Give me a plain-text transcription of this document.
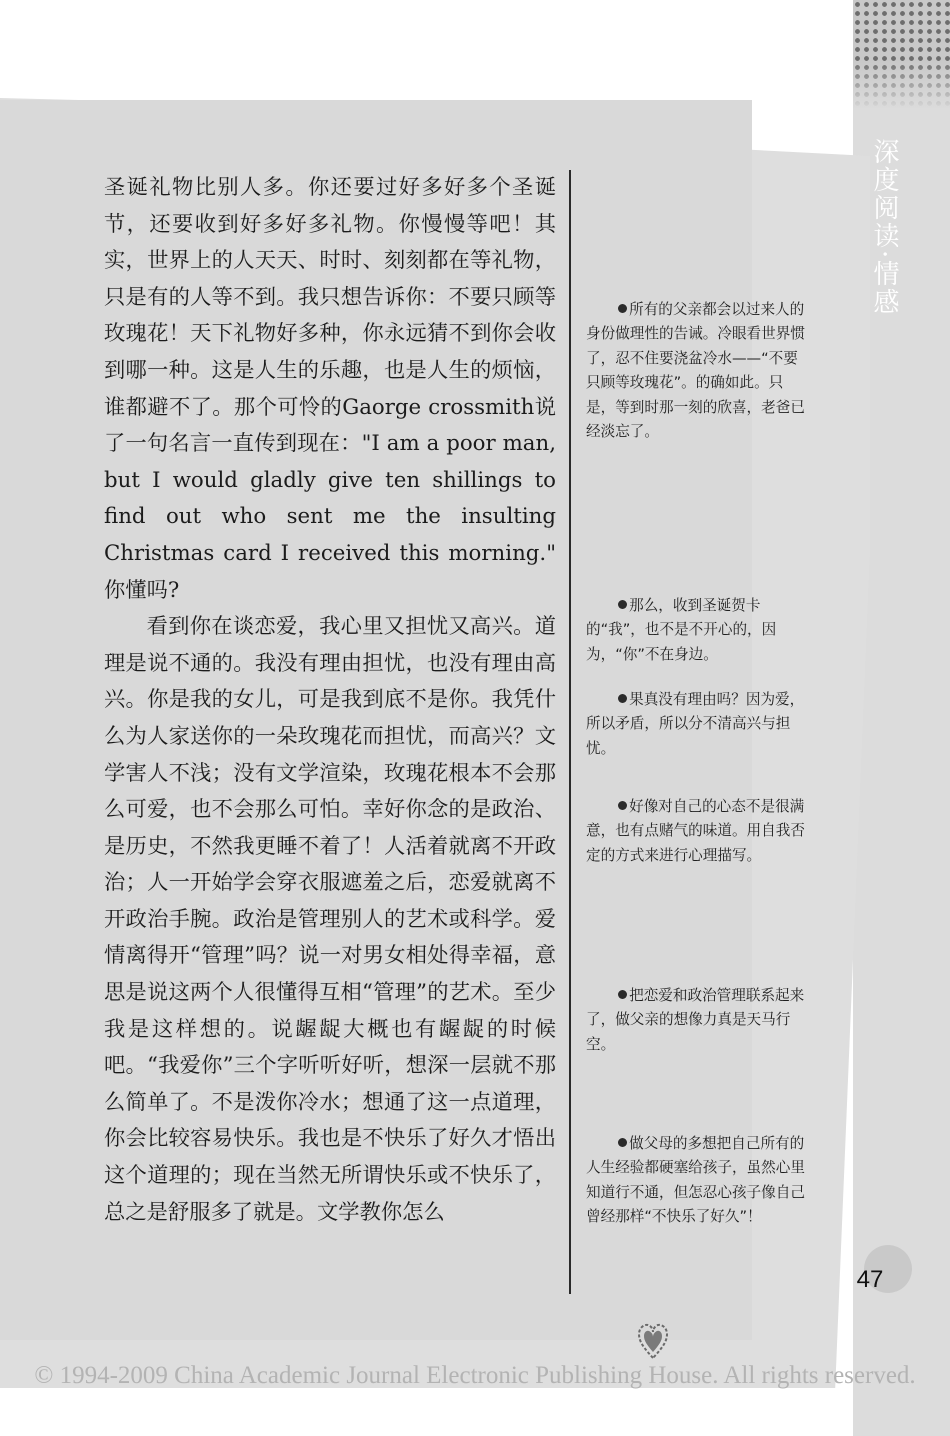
深度阅读·情感

圣诞礼物比别人多。你还要过好多好多个圣诞节，还要收到好多好多礼物。你慢慢等吧！其实，世界上的人天天、时时、刻刻都在等礼物，只是有的人等不到。我只想告诉你：不要只顾等玫瑰花！天下礼物好多种，你永远猜不到你会收到哪一种。这是人生的乐趣，也是人生的烦恼，谁都避不了。那个可怜的Gaorge crossmith说了一句名言一直传到现在："I am a poor man, but I would gladly give ten shillings to find out who sent me the insulting Christmas card I received this morning." 你懂吗?

看到你在谈恋爱，我心里又担忧又高兴。道理是说不通的。我没有理由担忧，也没有理由高兴。你是我的女儿，可是我到底不是你。我凭什么为人家送你的一朵玫瑰花而担忧，而高兴？文学害人不浅；没有文学渲染，玫瑰花根本不会那么可爱，也不会那么可怕。幸好你念的是政治、是历史，不然我更睡不着了！人活着就离不开政治；人一开始学会穿衣服遮羞之后，恋爱就离不开政治手腕。政治是管理别人的艺术或科学。爱情离得开“管理”吗？说一对男女相处得幸福，意思是说这两个人很懂得互相“管理”的艺术。至少我是这样想的。说龌龊大概也有龌龊的时候吧。“我爱你”三个字听听好听，想深一层就不那么简单了。不是泼你冷水；想通了这一点道理，你会比较容易快乐。我也是不快乐了好久才悟出这个道理的；现在当然无所谓快乐或不快乐了，总之是舒服多了就是。文学教你怎么

所有的父亲都会以过来人的身份做理性的告诫。冷眼看世界惯了，忍不住要浇盆冷水——“不要只顾等玫瑰花”。的确如此。只是，等到时那一刻的欣喜，老爸已经淡忘了。
那么，收到圣诞贺卡的“我”，也不是不开心的，因为，“你”不在身边。
果真没有理由吗？因为爱，所以矛盾，所以分不清高兴与担忧。
好像对自己的心态不是很满意，也有点赌气的味道。用自我否定的方式来进行心理描写。
把恋爱和政治管理联系起来了，做父亲的想像力真是天马行空。
做父母的多想把自己所有的人生经验都硬塞给孩子，虽然心里知道行不通，但怎忍心孩子像自己曾经那样“不快乐了好久”！
47
© 1994-2009 China Academic Journal Electronic Publishing House. All rights reserved.
